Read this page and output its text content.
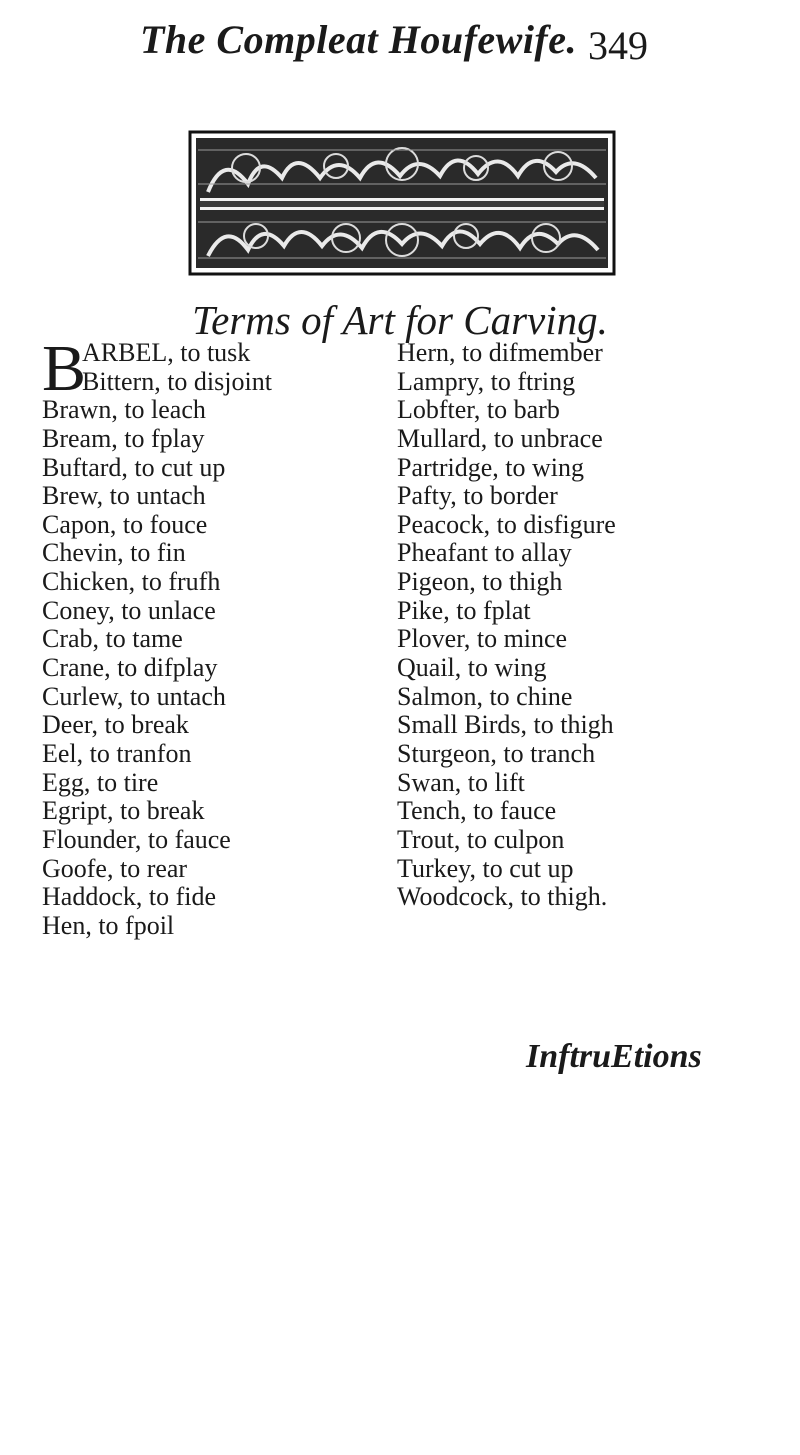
The Compleat Houfewife. 349
Terms of Art for Carving.
B
ARBEL, to tusk
Bittern, to disjoint
Brawn, to leach
Bream, to fplay
Buftard, to cut up
Brew, to untach
Capon, to fouce
Chevin, to fin
Chicken, to frufh
Coney, to unlace
Crab, to tame
Crane, to difplay
Curlew, to untach
Deer, to break
Eel, to tranfon
Egg, to tire
Egript, to break
Flounder, to fauce
Goofe, to rear
Haddock, to fide
Hen, to fpoil
Hern, to difmember
Lampry, to ftring
Lobfter, to barb
Mullard, to unbrace
Partridge, to wing
Pafty, to border
Peacock, to disfigure
Pheafant to allay
Pigeon, to thigh
Pike, to fplat
Plover, to mince
Quail, to wing
Salmon, to chine
Small Birds, to thigh
Sturgeon, to tranch
Swan, to lift
Tench, to fauce
Trout, to culpon
Turkey, to cut up
Woodcock, to thigh.
InftruEtions
